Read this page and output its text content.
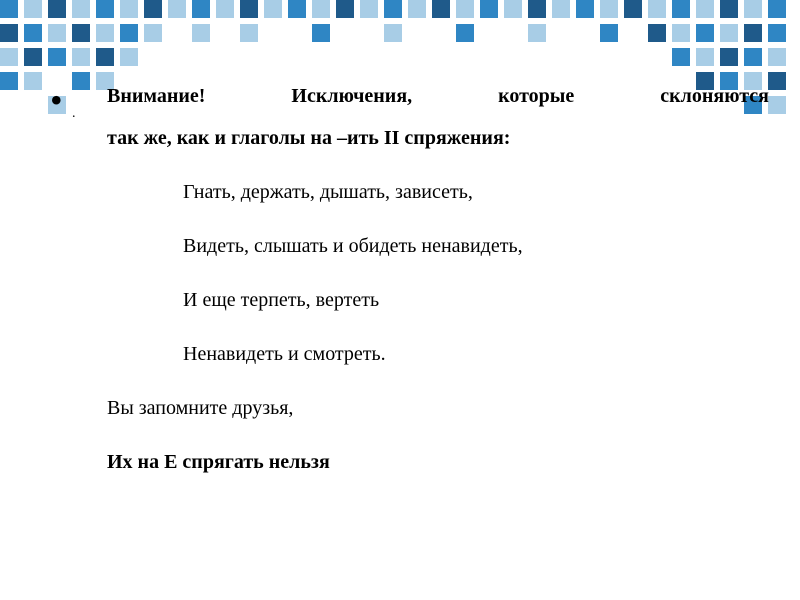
• .
Внимание!	Исключения,	которые	склоняются
так же, как и глаголы на –ить II спряжения:
Гнать, держать, дышать, зависеть,
Видеть, слышать и обидеть ненавидеть,
И еще терпеть, вертеть
Ненавидеть и смотреть.
Вы запомните друзья,
Их на Е спрягать нельзя
